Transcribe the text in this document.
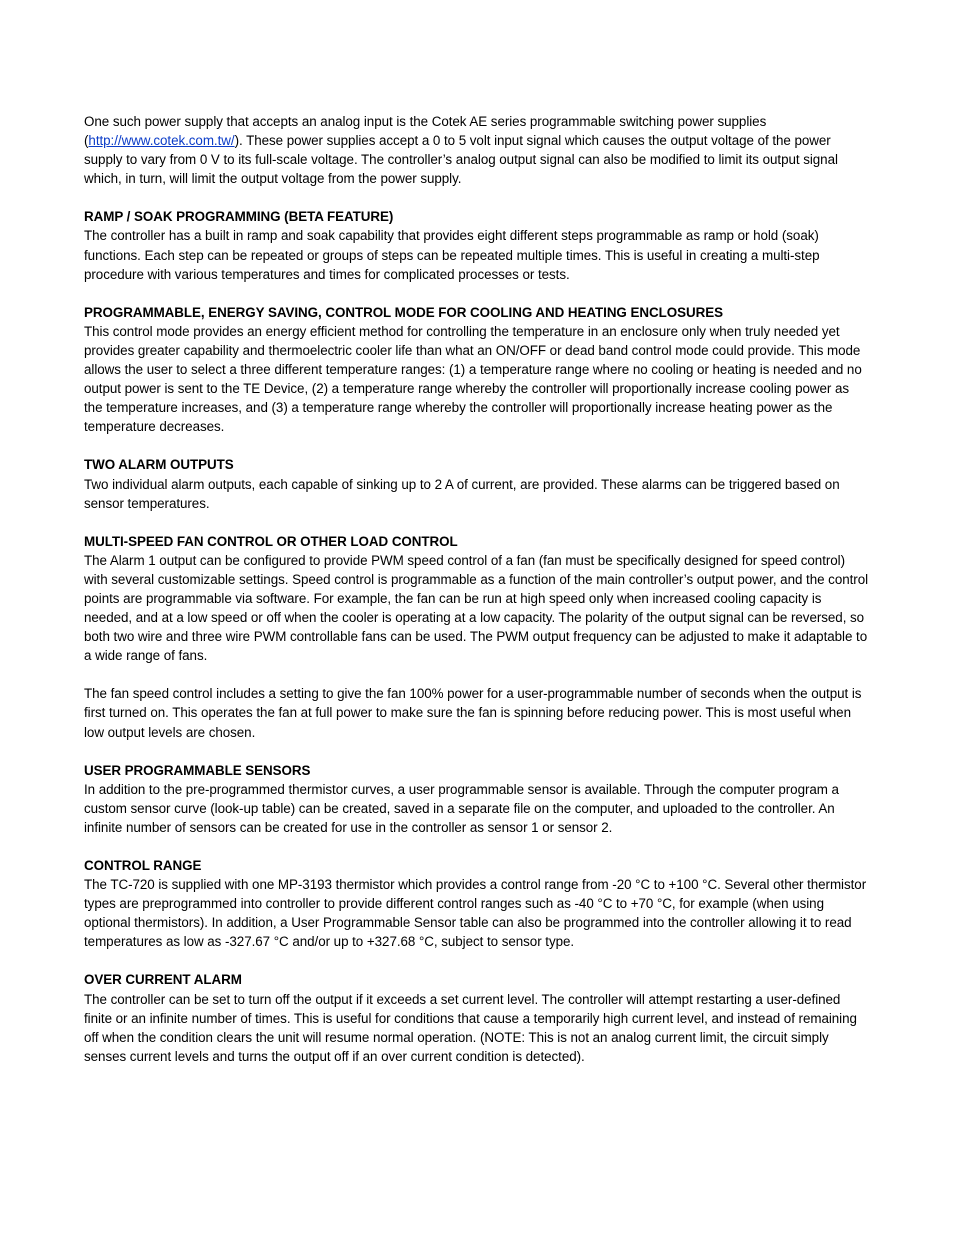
One such power supply that accepts an analog input is the Cotek AE series programmable switching power supplies (http://www.cotek.com.tw/). These power supplies accept a 0 to 5 volt input signal which causes the output voltage of the power supply to vary from 0 V to its full-scale voltage. The controller’s analog output signal can also be modified to limit its output signal which, in turn, will limit the output voltage from the power supply.

RAMP / SOAK PROGRAMMING (BETA FEATURE)

The controller has a built in ramp and soak capability that provides eight different steps programmable as ramp or hold (soak) functions. Each step can be repeated or groups of steps can be repeated multiple times. This is useful in creating a multi-step procedure with various temperatures and times for complicated processes or tests.

PROGRAMMABLE, ENERGY SAVING, CONTROL MODE FOR COOLING AND HEATING ENCLOSURES

This control mode provides an energy efficient method for controlling the temperature in an enclosure only when truly needed yet provides greater capability and thermoelectric cooler life than what an ON/OFF or dead band control mode could provide. This mode allows the user to select a three different temperature ranges: (1) a temperature range where no cooling or heating is needed and no output power is sent to the TE Device, (2) a temperature range whereby the controller will proportionally increase cooling power as the temperature increases, and (3) a temperature range whereby the controller will proportionally increase heating power as the temperature decreases.

TWO ALARM OUTPUTS

Two individual alarm outputs, each capable of sinking up to 2 A of current, are provided. These alarms can be triggered based on sensor temperatures.

MULTI-SPEED FAN CONTROL OR OTHER LOAD CONTROL

The Alarm 1 output can be configured to provide PWM speed control of a fan (fan must be specifically designed for speed control) with several customizable settings. Speed control is programmable as a function of the main controller’s output power, and the control points are programmable via software. For example, the fan can be run at high speed only when increased cooling capacity is needed, and at a low speed or off when the cooler is operating at a low capacity. The polarity of the output signal can be reversed, so both two wire and three wire PWM controllable fans can be used. The PWM output frequency can be adjusted to make it adaptable to a wide range of fans.

The fan speed control includes a setting to give the fan 100% power for a user-programmable number of seconds when the output is first turned on. This operates the fan at full power to make sure the fan is spinning before reducing power. This is most useful when low output levels are chosen.

USER PROGRAMMABLE SENSORS

In addition to the pre-programmed thermistor curves, a user programmable sensor is available. Through the computer program a custom sensor curve (look-up table) can be created, saved in a separate file on the computer, and uploaded to the controller. An infinite number of sensors can be created for use in the controller as sensor 1 or sensor 2.

CONTROL RANGE

The TC-720 is supplied with one MP-3193 thermistor which provides a control range from -20 °C to +100 °C. Several other thermistor types are preprogrammed into controller to provide different control ranges such as -40 °C to +70 °C, for example (when using optional thermistors). In addition, a User Programmable Sensor table can also be programmed into the controller allowing it to read temperatures as low as -327.67 °C and/or up to +327.68 °C, subject to sensor type.

OVER CURRENT ALARM

The controller can be set to turn off the output if it exceeds a set current level. The controller will attempt restarting a user-defined finite or an infinite number of times. This is useful for conditions that cause a temporarily high current level, and instead of remaining off when the condition clears the unit will resume normal operation. (NOTE: This is not an analog current limit, the circuit simply senses current levels and turns the output off if an over current condition is detected).
